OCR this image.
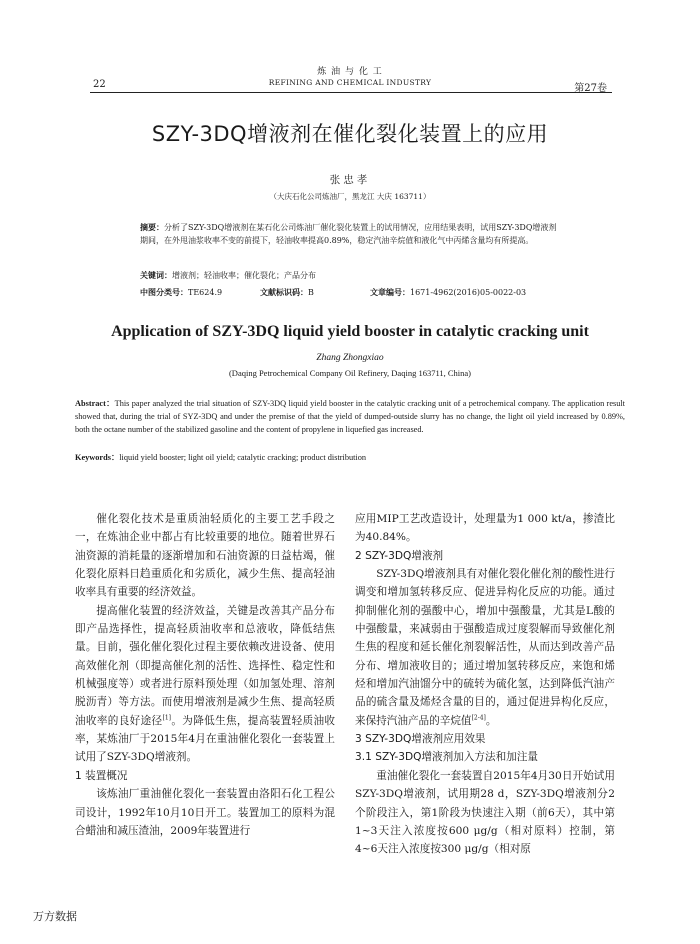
22
炼 油 与 化 工
REFINING AND CHEMICAL INDUSTRY
第27卷
SZY-3DQ增液剂在催化裂化装置上的应用
张忠孝
（大庆石化公司炼油厂，黑龙江 大庆 163711）
摘要：分析了SZY-3DQ增液剂在某石化公司炼油厂催化裂化装置上的试用情况，应用结果表明，试用SZY-3DQ增液剂期间，在外甩油浆收率不变的前提下，轻油收率提高0.89%，稳定汽油辛烷值和液化气中丙烯含量均有所提高。
关键词：增液剂；轻油收率；催化裂化；产品分布
中图分类号：TE624.9	文献标识码：B	文章编号：1671-4962(2016)05-0022-03
Application of SZY-3DQ liquid yield booster in catalytic cracking unit
Zhang Zhongxiao
(Daqing Petrochemical Company Oil Refinery, Daqing 163711, China)
Abstract：This paper analyzed the trial situation of SZY-3DQ liquid yield booster in the catalytic cracking unit of a petrochemical company. The application result showed that, during the trial of SYZ-3DQ and under the premise of that the yield of dumped-outside slurry has no change, the light oil yield increased by 0.89%, both the octane number of the stabilized gasoline and the content of propylene in liquefied gas increased.
Keywords：liquid yield booster; light oil yield; catalytic cracking; product distribution

催化裂化技术是重质油轻质化的主要工艺手段之一，在炼油企业中都占有比较重要的地位。随着世界石油资源的消耗量的逐渐增加和石油资源的日益枯竭，催化裂化原料日趋重质化和劣质化，减少生焦、提高轻油收率具有重要的经济效益。

提高催化装置的经济效益，关键是改善其产品分布即产品选择性，提高轻质油收率和总液收，降低结焦量。目前，强化催化裂化过程主要依赖改进设备、使用高效催化剂（即提高催化剂的活性、选择性、稳定性和机械强度等）或者进行原料预处理（如加氢处理、溶剂脱沥青）等方法。而使用增液剂是减少生焦、提高轻质油收率的良好途径[1]。为降低生焦，提高装置轻质油收率，某炼油厂于2015年4月在重油催化裂化一套装置上试用了SZY-3DQ增液剂。

1 装置概况

该炼油厂重油催化裂化一套装置由洛阳石化工程公司设计，1992年10月10日开工。装置加工的原料为混合蜡油和减压渣油，2009年装置进行

应用MIP工艺改造设计，处理量为1 000 kt/a，掺渣比为40.84%。

2 SZY-3DQ增液剂

SZY-3DQ增液剂具有对催化裂化催化剂的酸性进行调变和增加氢转移反应、促进异构化反应的功能。通过抑制催化剂的强酸中心，增加中强酸量，尤其是L酸的中强酸量，来减弱由于强酸造成过度裂解而导致催化剂生焦的程度和延长催化剂裂解活性，从而达到改善产品分布、增加液收目的；通过增加氢转移反应，来饱和烯烃和增加汽油馏分中的硫转为硫化氢，达到降低汽油产品的硫含量及烯烃含量的目的，通过促进异构化反应，来保持汽油产品的辛烷值[2-4]。

3 SZY-3DQ增液剂应用效果
3.1 SZY-3DQ增液剂加入方法和加注量

重油催化裂化一套装置自2015年4月30日开始试用SZY-3DQ增液剂，试用期28 d，SZY-3DQ增液剂分2个阶段注入，第1阶段为快速注入期（前6天），其中第1~3天注入浓度按600 μg/g（相对原料）控制，第4~6天注入浓度按300 μg/g（相对原

万方数据
